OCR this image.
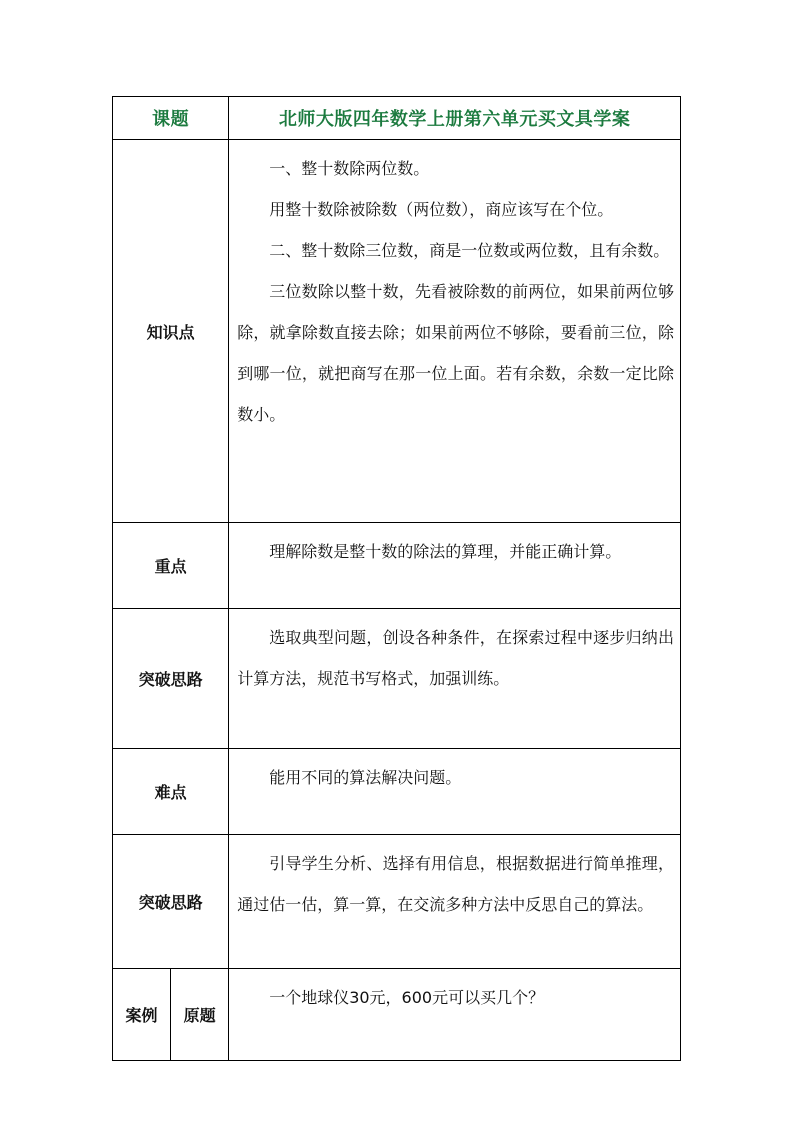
课题		北师大版四年数学上册第六单元买文具学案
知识点		一、整十数除两位数。

用整十数除被除数（两位数），商应该写在个位。

二、整十数除三位数，商是一位数或两位数，且有余数。

三位数除以整十数，先看被除数的前两位，如果前两位够除，就拿除数直接去除；如果前两位不够除，要看前三位，除到哪一位，就把商写在那一位上面。若有余数，余数一定比除数小。

重点		理解除数是整十数的除法的算理，并能正确计算。

突破思路		选取典型问题，创设各种条件，在探索过程中逐步归纳出计算方法，规范书写格式，加强训练。

难点		能用不同的算法解决问题。

突破思路		引导学生分析、选择有用信息，根据数据进行简单推理，通过估一估，算一算，在交流多种方法中反思自己的算法。

案例	原题	一个地球仪30元，600元可以买几个？
